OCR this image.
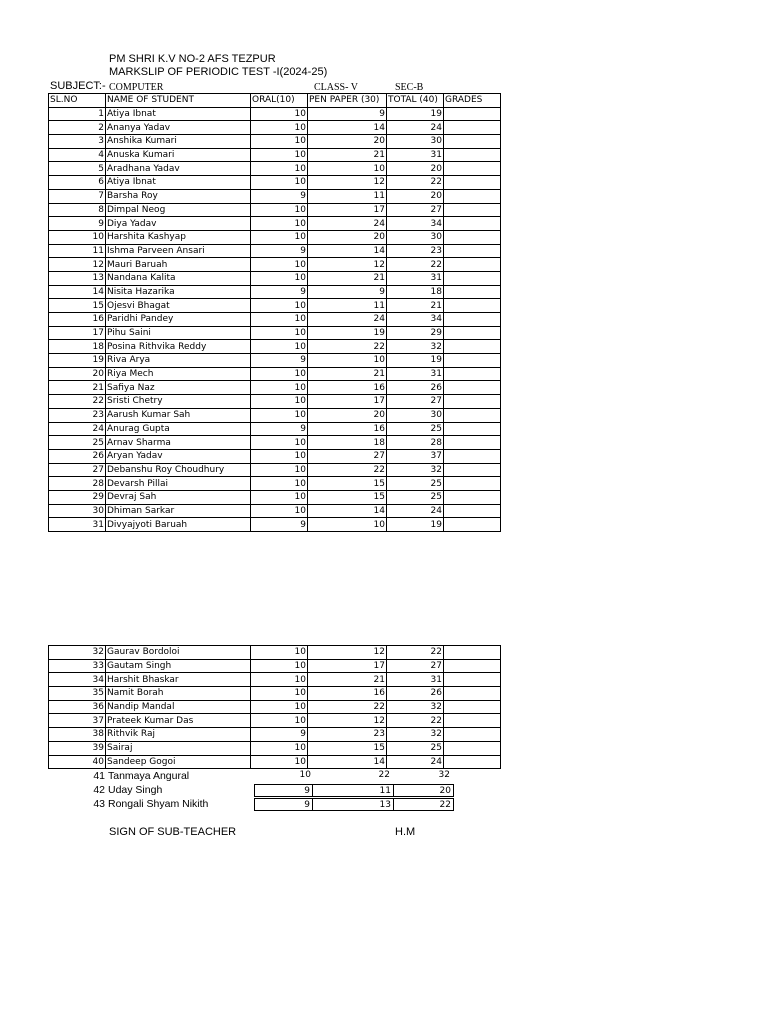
PM SHRI K.V NO-2 AFS TEZPUR
MARKSLIP OF PERIODIC TEST -I(2024-25)
SUBJECT:- COMPUTER	CLASS- V	SEC-B
SL.NO	NAME OF STUDENT	ORAL(10)	PEN PAPER (30)	TOTAL (40)	GRADES
1	Atiya Ibnat	10	9	19	
2	Ananya Yadav	10	14	24	
3	Anshika Kumari	10	20	30	
4	Anuska Kumari	10	21	31	
5	Aradhana Yadav	10	10	20	
6	Atiya Ibnat	10	12	22	
7	Barsha Roy	9	11	20	
8	Dimpal Neog	10	17	27	
9	Diya Yadav	10	24	34	
10	Harshita Kashyap	10	20	30	
11	Ishma Parveen Ansari	9	14	23	
12	Mauri Baruah	10	12	22	
13	Nandana Kalita	10	21	31	
14	Nisita Hazarika	9	9	18	
15	Ojesvi Bhagat	10	11	21	
16	Paridhi Pandey	10	24	34	
17	Pihu Saini	10	19	29	
18	Posina Rithvika Reddy	10	22	32	
19	Riva Arya	9	10	19	
20	Riya Mech	10	21	31	
21	Safiya Naz	10	16	26	
22	Sristi Chetry	10	17	27	
23	Aarush Kumar Sah	10	20	30	
24	Anurag Gupta	9	16	25	
25	Arnav Sharma	10	18	28	
26	Aryan Yadav	10	27	37	
27	Debanshu Roy Choudhury	10	22	32	
28	Devarsh Pillai	10	15	25	
29	Devraj Sah	10	15	25	
30	Dhiman Sarkar	10	14	24	
31	Divyajyoti Baruah	9	10	19	
32	Gaurav Bordoloi	10	12	22	
33	Gautam Singh	10	17	27	
34	Harshit Bhaskar	10	21	31	
35	Namit Borah	10	16	26	
36	Nandip Mandal	10	22	32	
37	Prateek Kumar Das	10	12	22	
38	Rithvik Raj	9	23	32	
39	Sairaj	10	15	25	
40	Sandeep Gogoi	10	14	24	
41 Tanmaya Angural	10	22	32
42 Uday Singh	9	11	20
43 Rongali Shyam Nikith	9	13	22
SIGN OF SUB-TEACHER	H.M
